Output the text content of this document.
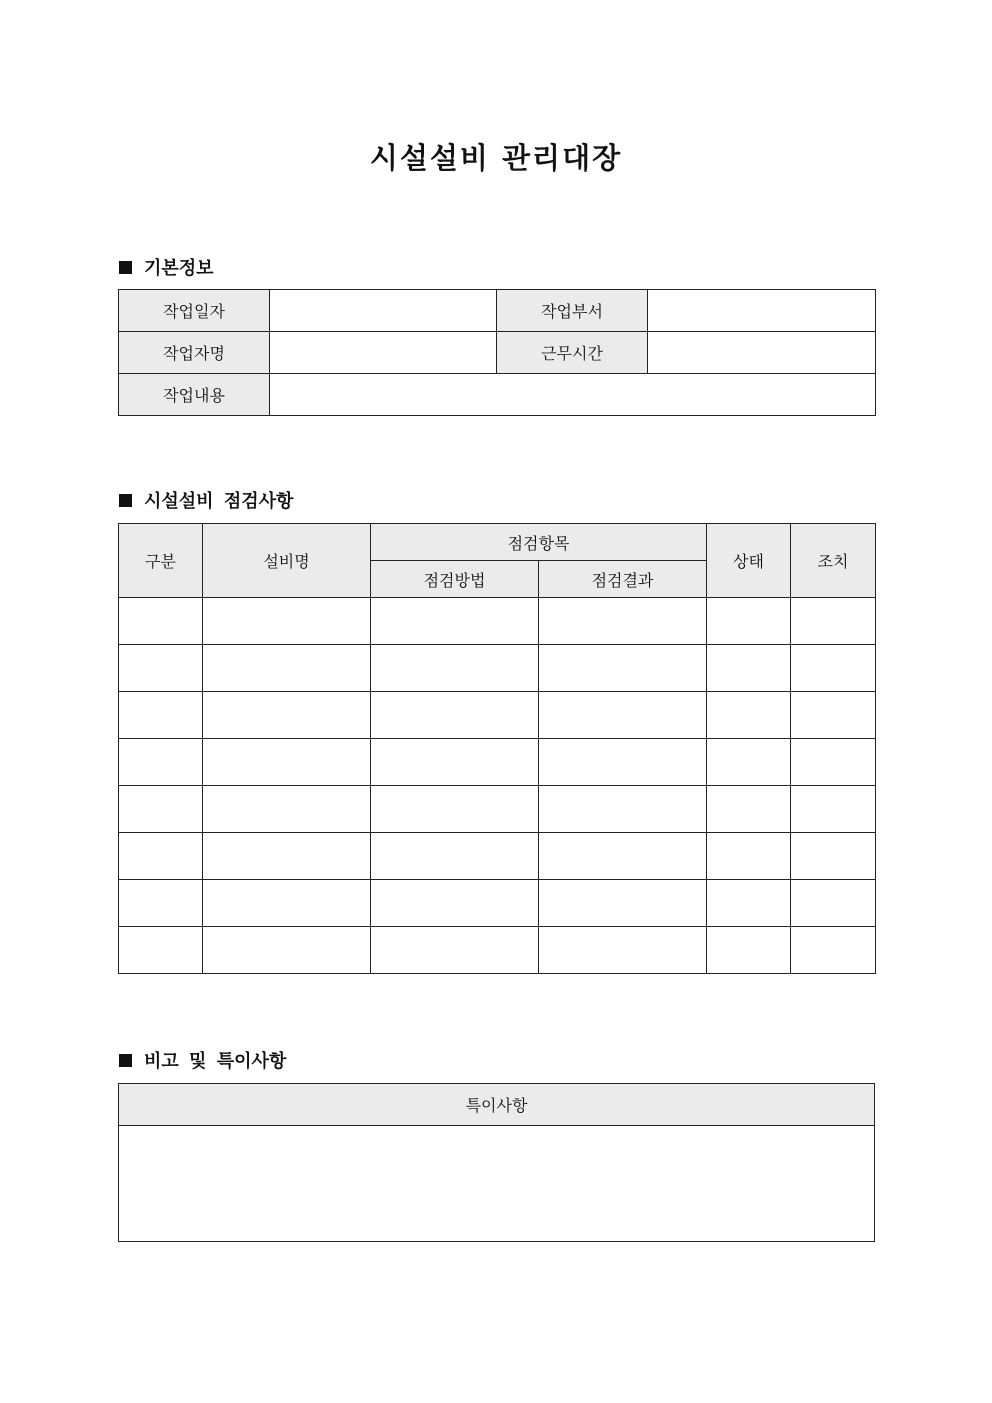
시설설비 관리대장
기본정보
작업일자		작업부서	
작업자명		근무시간	
작업내용			
시설설비 점검사항
구분	설비명	점검항목		상태	조치
		점검방법	점검결과		

비고 및 특이사항
특이사항
